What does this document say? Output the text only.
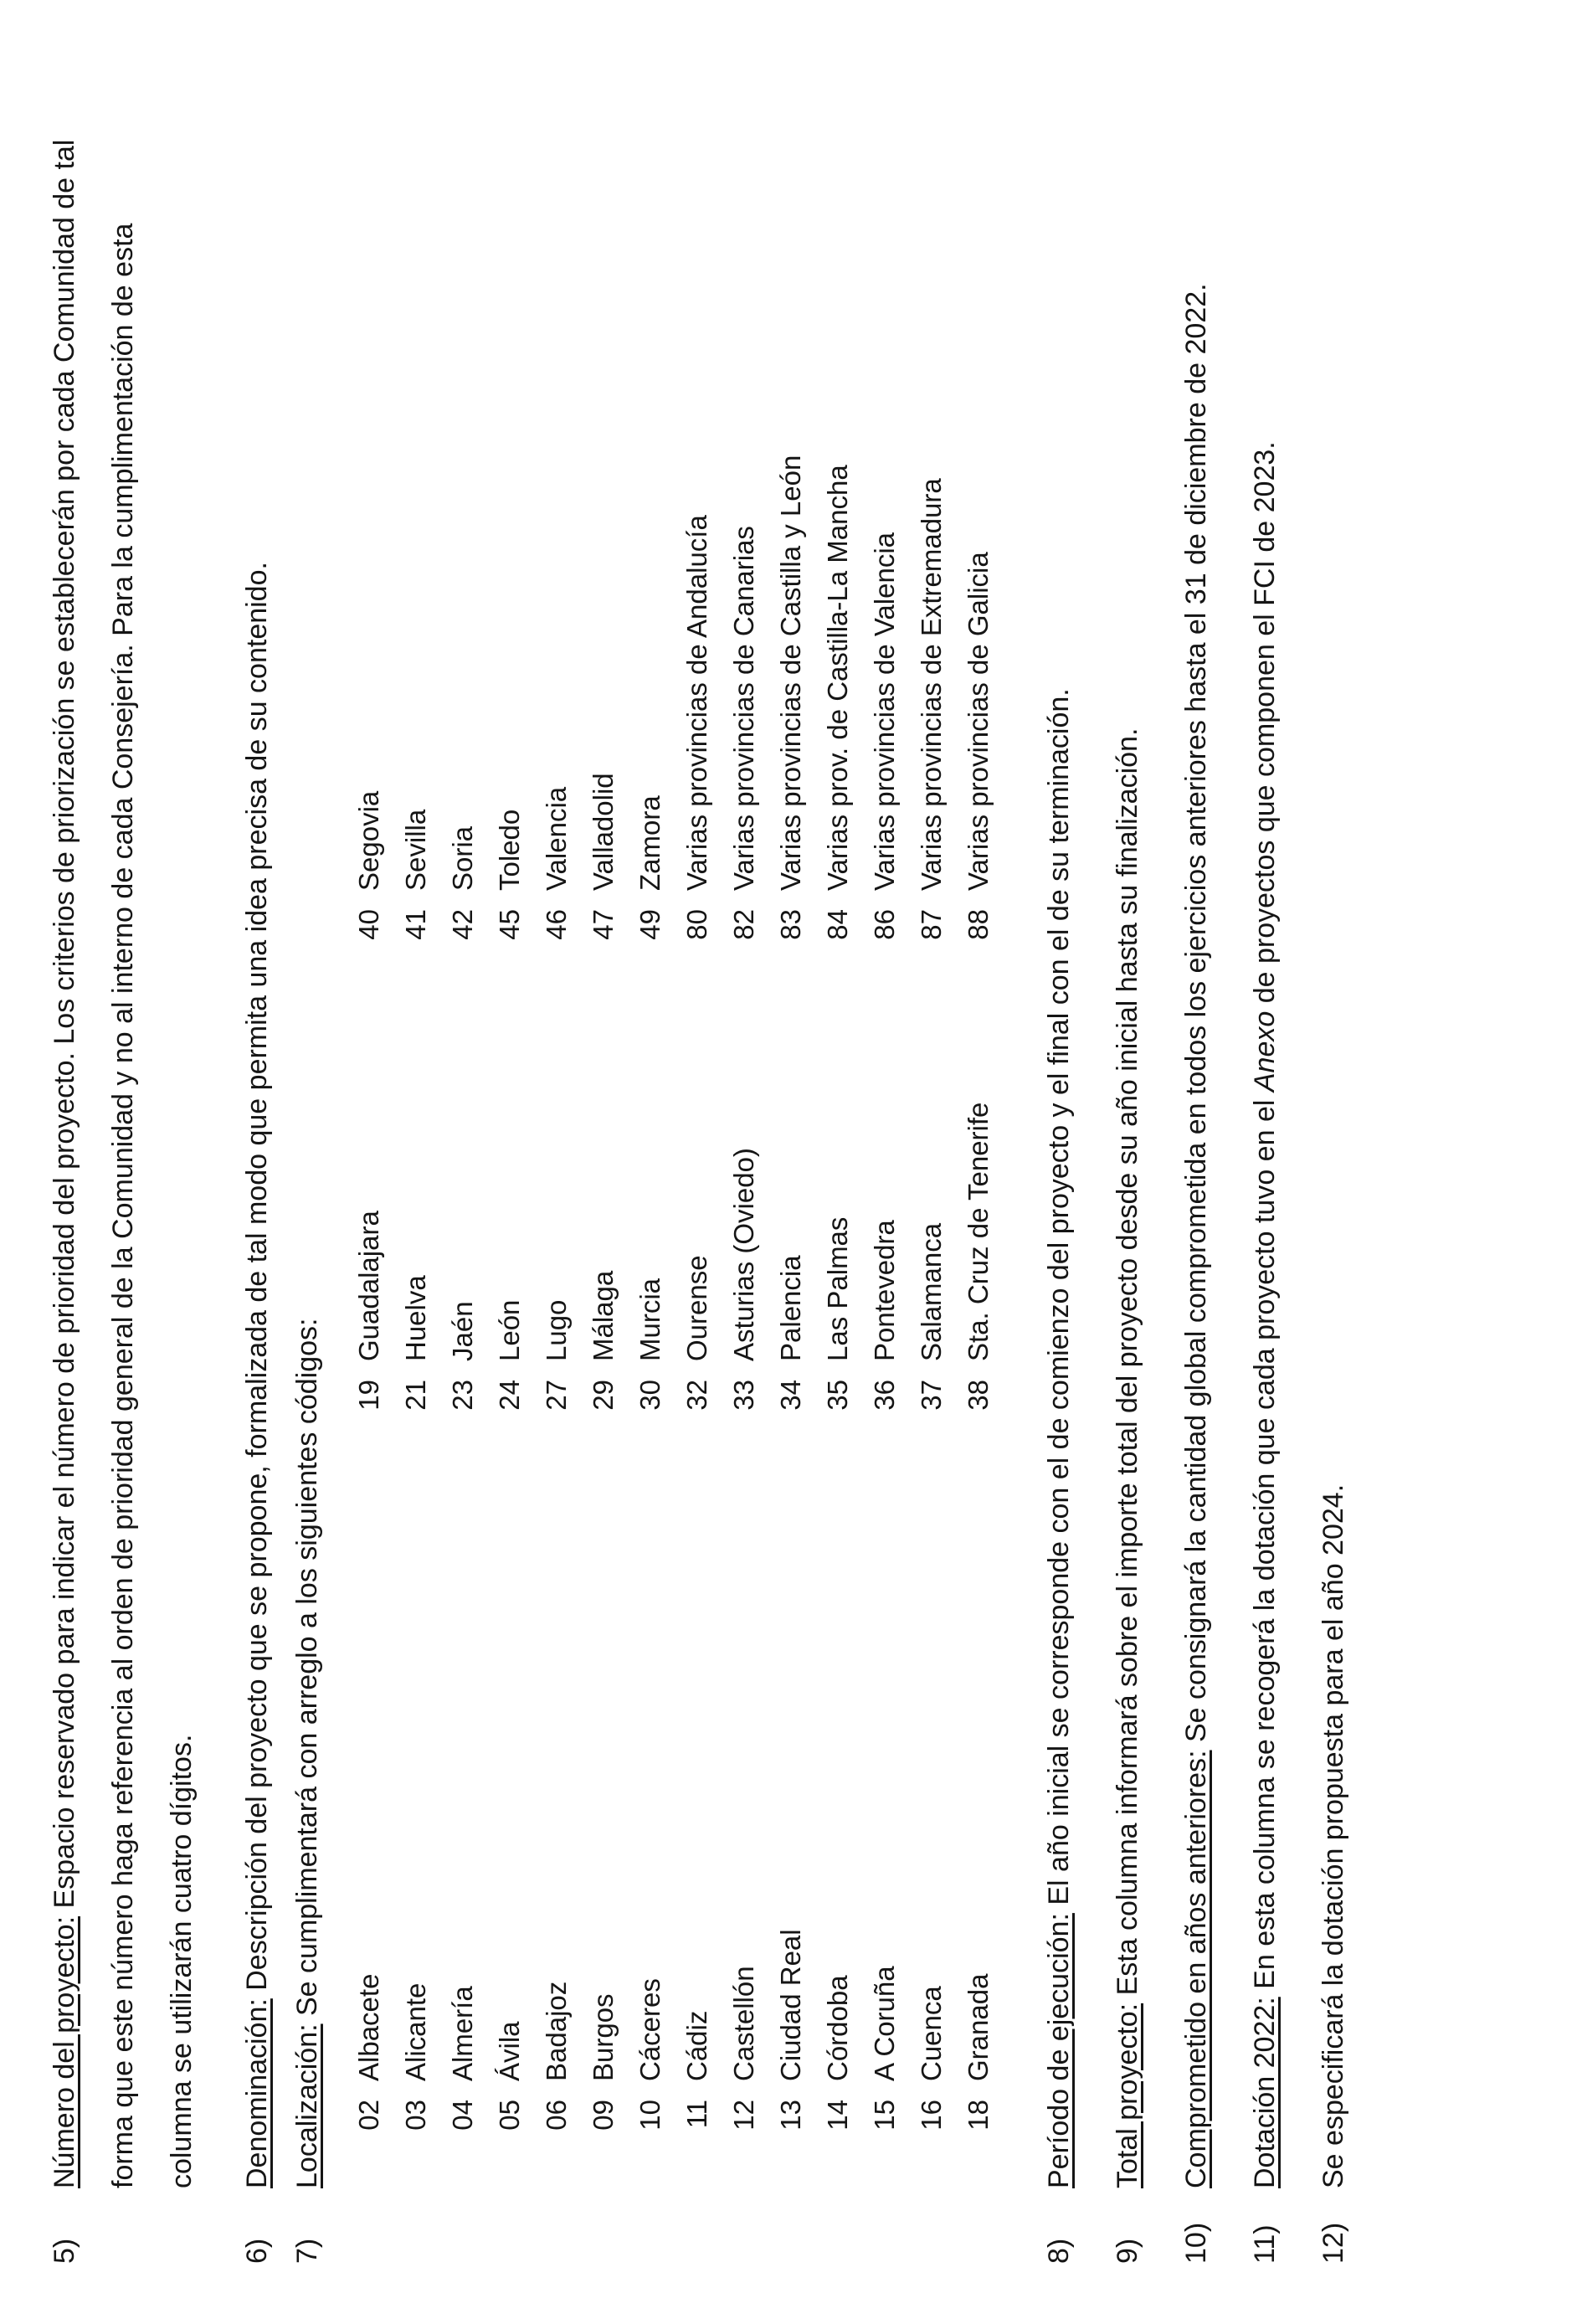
5)
Número del proyecto: Espacio reservado para indicar el número de prioridad del proyecto. Los criterios de priorización se establecerán por cada Comunidad de tal forma que este número haga referencia al orden de prioridad general de la Comunidad y no al interno de cada Consejería. Para la cumplimentación de esta columna se utilizarán cuatro dígitos.
6)
Denominación: Descripción del proyecto que se propone, formalizada de tal modo que permita una idea precisa de su contenido.
7)
Localización: Se cumplimentará con arreglo a los siguientes códigos:
02
Albacete
19
Guadalajara
40
Segovia
03
Alicante
21
Huelva
41
Sevilla
04
Almería
23
Jaén
42
Soria
05
Ávila
24
León
45
Toledo
06
Badajoz
27
Lugo
46
Valencia
09
Burgos
29
Málaga
47
Valladolid
10
Cáceres
30
Murcia
49
Zamora
11
Cádiz
32
Ourense
80
Varias provincias de Andalucía
12
Castellón
33
Asturias (Oviedo)
82
Varias provincias de Canarias
13
Ciudad Real
34
Palencia
83
Varias provincias de Castilla y León
14
Córdoba
35
Las Palmas
84
Varias prov. de Castilla-La Mancha
15
A Coruña
36
Pontevedra
86
Varias provincias de Valencia
16
Cuenca
37
Salamanca
87
Varias provincias de Extremadura
18
Granada
38
Sta. Cruz de Tenerife
88
Varias provincias de Galicia
8)
Período de ejecución: El año inicial se corresponde con el de comienzo del proyecto y el final con el de su terminación.
9)
Total proyecto: Esta columna informará sobre el importe total del proyecto desde su año inicial hasta su finalización.
10)
Comprometido en años anteriores: Se consignará la cantidad global comprometida en todos los ejercicios anteriores hasta el 31 de diciembre de 2022.
11)
Dotación 2022: En esta columna se recogerá la dotación que cada proyecto tuvo en el Anexo de proyectos que componen el FCI de 2023.
12)
Se especificará la dotación propuesta para el año 2024.
